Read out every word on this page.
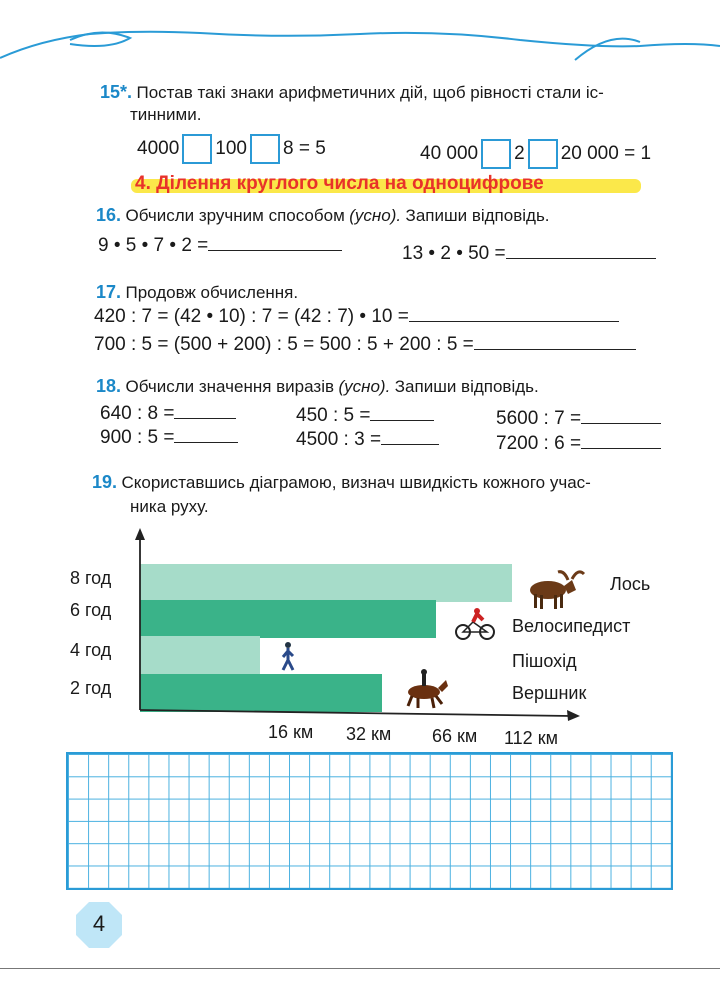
15*. Постав такі знаки арифметичних дій, щоб рівності стали іс-
тинними.
4000 100 8 = 5	40 000 2 20 000 = 1
4. Ділення круглого числа на одноцифрове
16. Обчисли зручним способом (усно). Запиши відповідь.
9 • 5 • 7 • 2 =	13 • 2 • 50 =
17. Продовж обчислення.
420 : 7 = (42 • 10) : 7 = (42 : 7) • 10 =
700 : 5 = (500 + 200) : 5 = 500 : 5 + 200 : 5 =
18. Обчисли значення виразів (усно). Запиши відповідь.
640 : 8 =	450 : 5 =	5600 : 7 =
900 : 5 =	4500 : 3 =	7200 : 6 =
19. Скориставшись діаграмою, визнач швидкість кожного учас-
ника руху.
8 год
6 год
4 год
2 год
16 км 32 км 66 км 112 км
Лось
Велосипедист
Пішохід
Вершник
4
